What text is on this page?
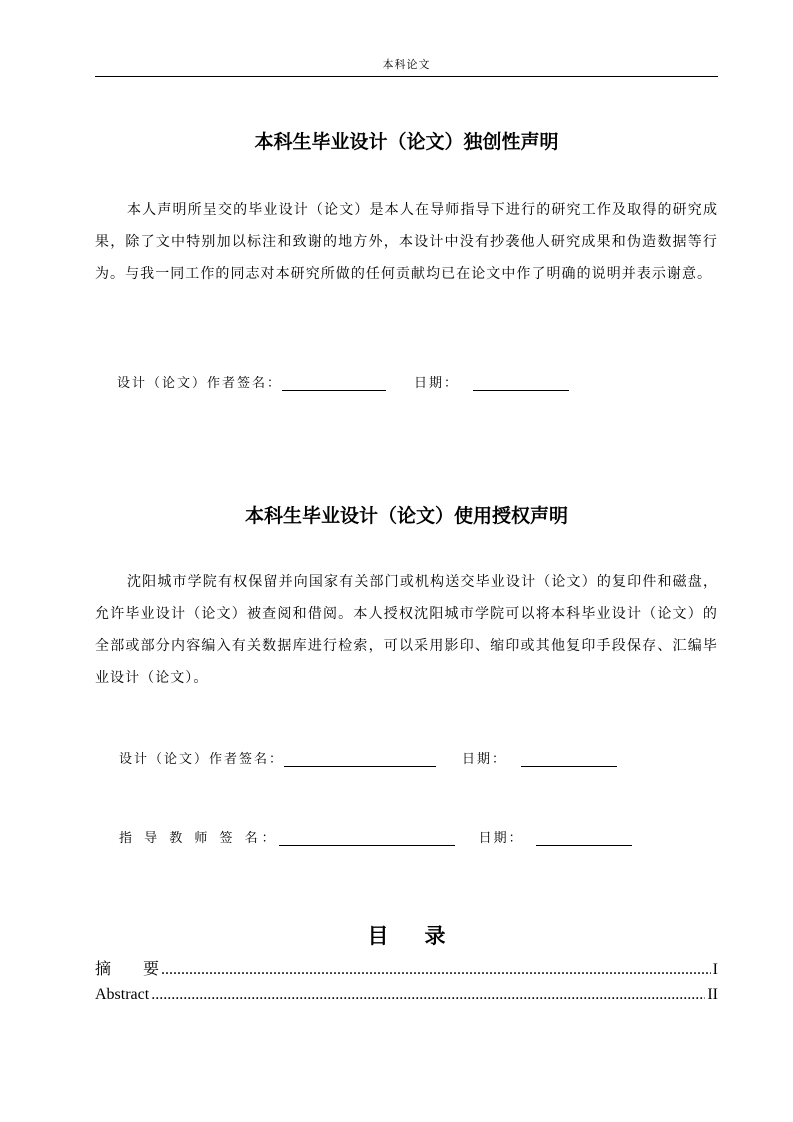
本科论文
本科生毕业设计（论文）独创性声明

本人声明所呈交的毕业设计（论文）是本人在导师指导下进行的研究工作及取得的研究成果，除了文中特别加以标注和致谢的地方外，本设计中没有抄袭他人研究成果和伪造数据等行为。与我一同工作的同志对本研究所做的任何贡献均已在论文中作了明确的说明并表示谢意。

设计（论文）作者签名：	日期：
本科生毕业设计（论文）使用授权声明

沈阳城市学院有权保留并向国家有关部门或机构送交毕业设计（论文）的复印件和磁盘，允许毕业设计（论文）被查阅和借阅。本人授权沈阳城市学院可以将本科毕业设计（论文）的全部或部分内容编入有关数据库进行检索，可以采用影印、缩印或其他复印手段保存、汇编毕业设计（论文）。

设计（论文）作者签名：	日期：
指 导 教 师 签 名：	日期：
目 录
摘　　要 .....	I
Abstract .....	II
